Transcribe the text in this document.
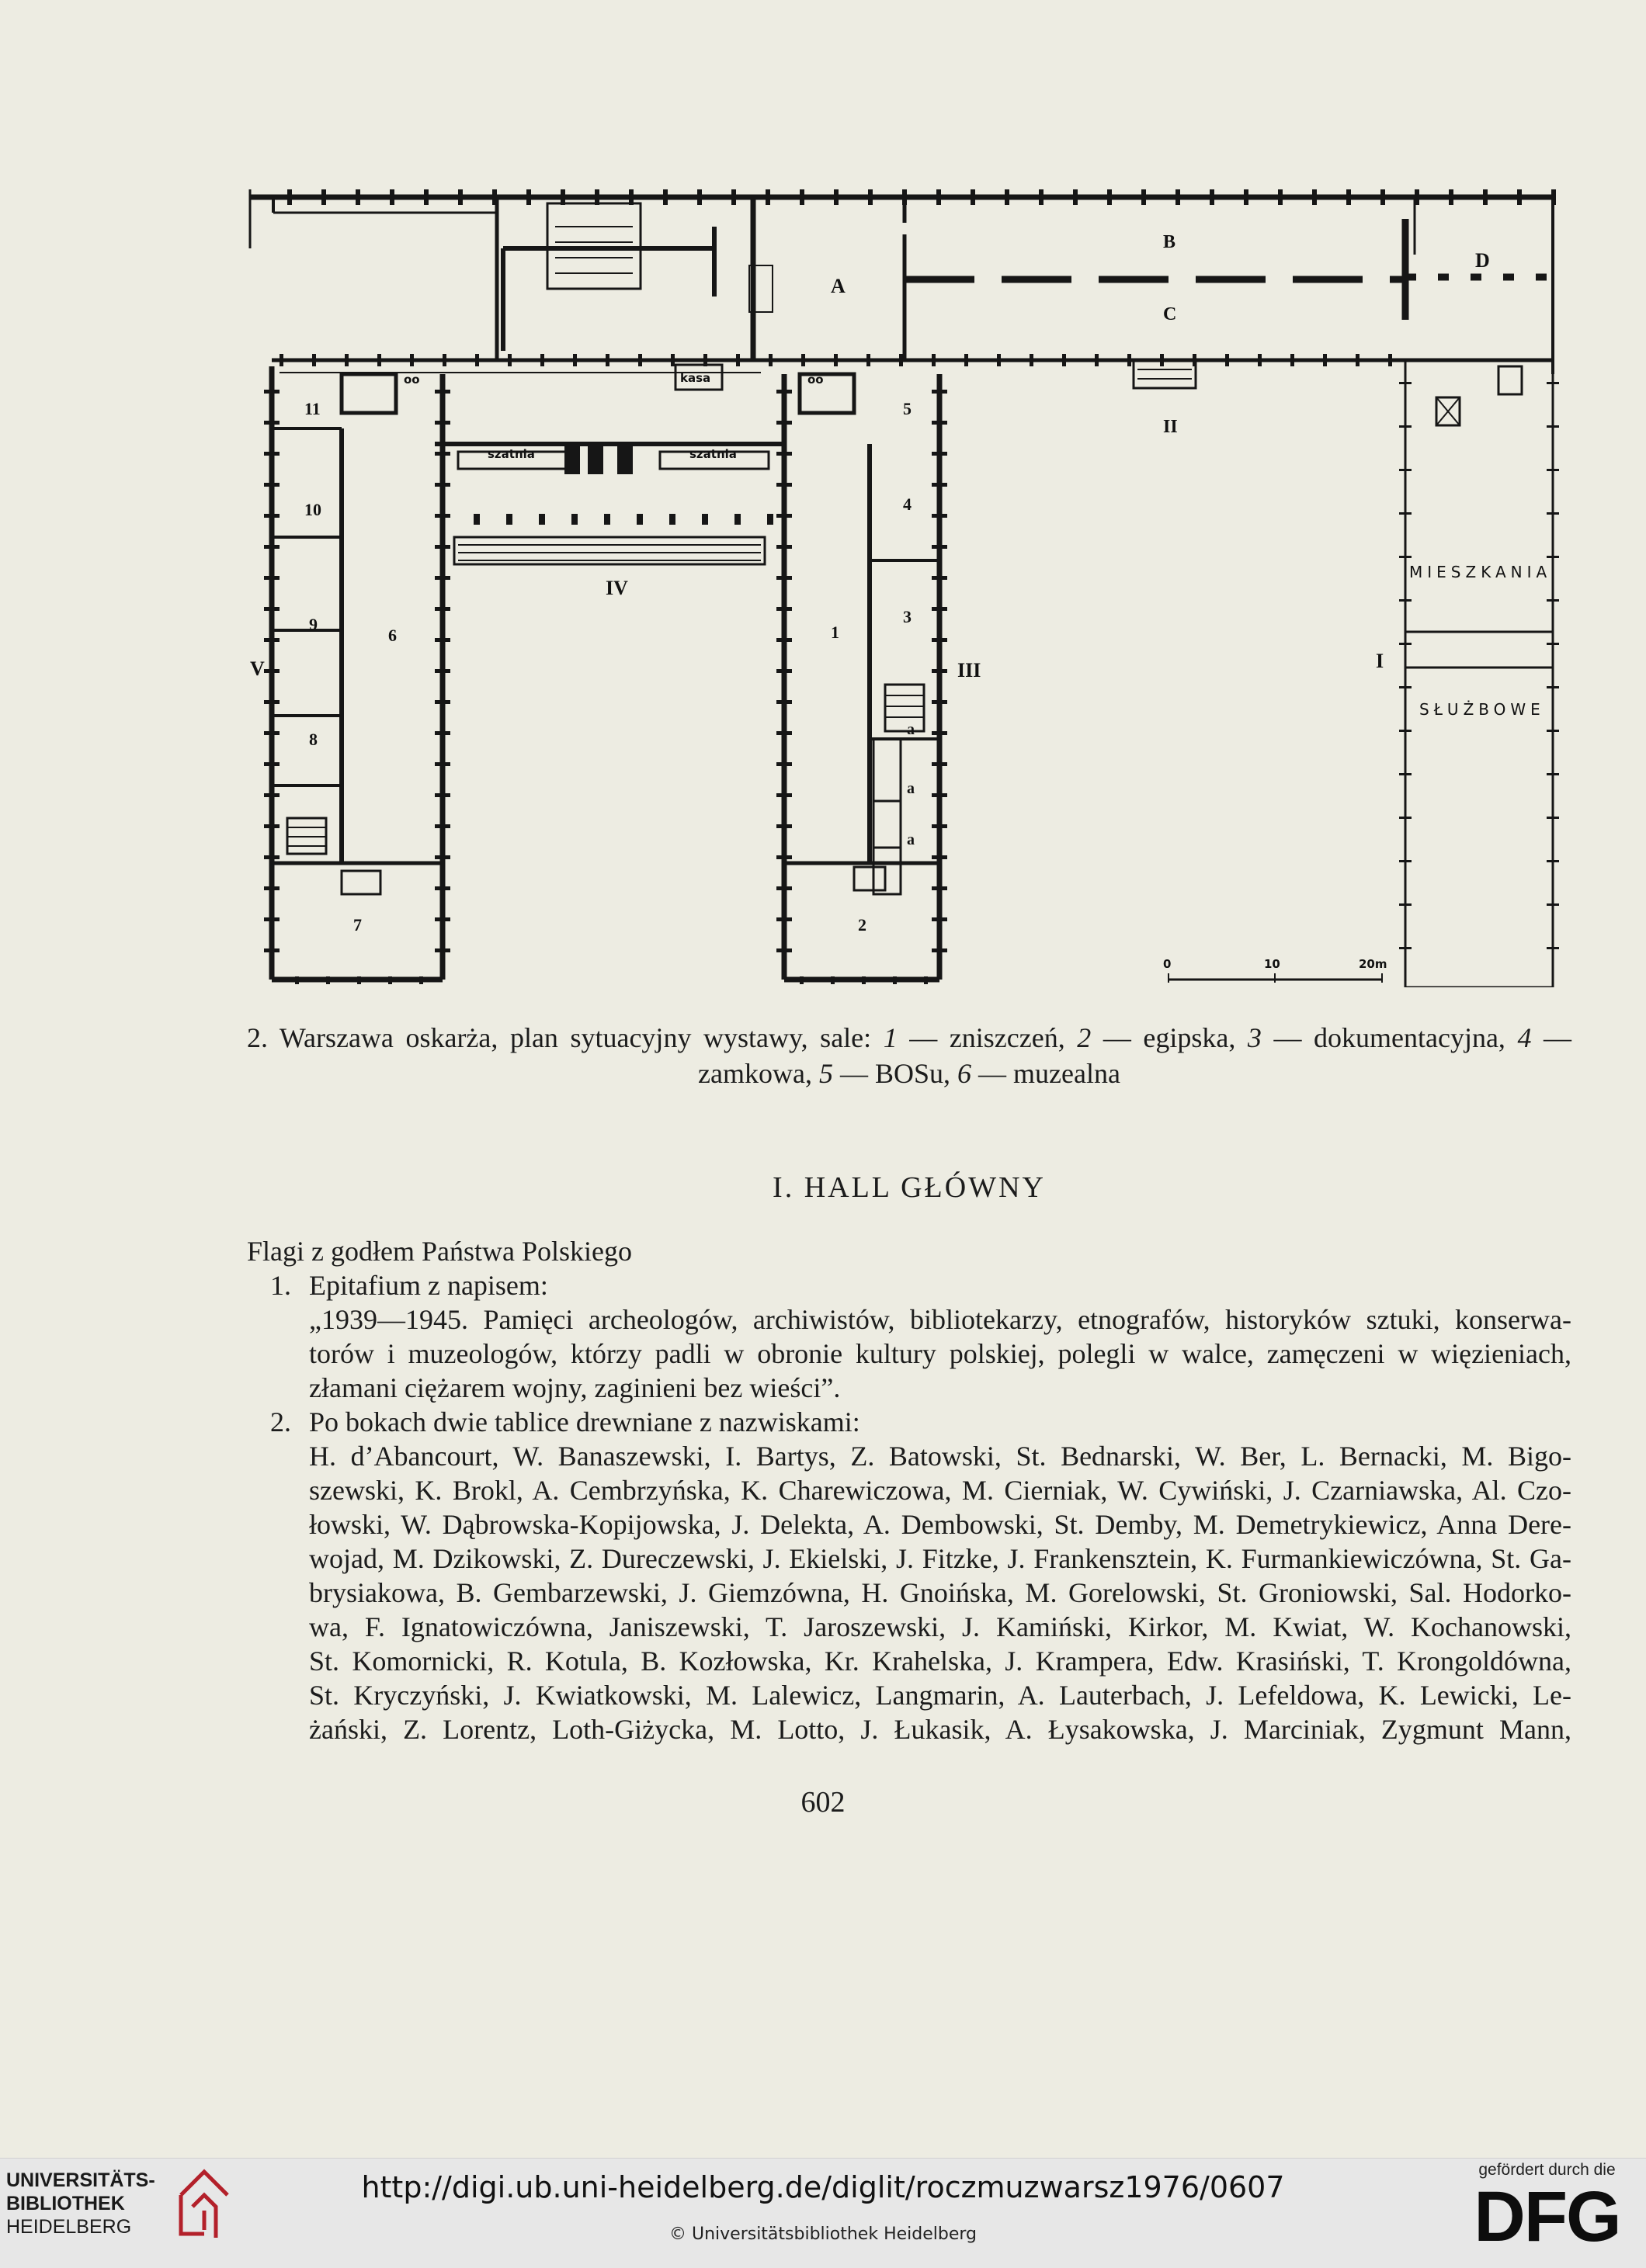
A
B
C
D
II
III
IV
V	I
1
2
3
4
5
6
7
8
9
10
11
a
a
a
kasa
szatnia	szatnia
oo	oo
MIESZKANIA
SŁUŻBOWE
0	10	20m
2. Warszawa oskarża, plan sytuacyjny wystawy, sale: 1 — zniszczeń, 2 — egipska, 3 — dokumentacyjna, 4 —
zamkowa, 5 — BOSu, 6 — muzealna
I. HALL GŁÓWNY

Flagi z godłem Państwa Polskiego

1. Epitafium z napisem:
„1939—1945. Pamięci archeologów, archiwistów, bibliotekarzy, etnografów, historyków sztuki, konserwa-
torów i muzeologów, którzy padli w obronie kultury polskiej, polegli w walce, zamęczeni w więzieniach,
złamani ciężarem wojny, zaginieni bez wieści”.
2. Po bokach dwie tablice drewniane z nazwiskami:
H. d’Abancourt, W. Banaszewski, I. Bartys, Z. Batowski, St. Bednarski, W. Ber, L. Bernacki, M. Bigo-
szewski, K. Brokl, A. Cembrzyńska, K. Charewiczowa, M. Cierniak, W. Cywiński, J. Czarniawska, Al. Czo-
łowski, W. Dąbrowska-Kopijowska, J. Delekta, A. Dembowski, St. Demby, M. Demetrykiewicz, Anna Dere-
wojad, M. Dzikowski, Z. Dureczewski, J. Ekielski, J. Fitzke, J. Frankensztein, K. Furmankiewiczówna, St. Ga-
brysiakowa, B. Gembarzewski, J. Giemzówna, H. Gnoińska, M. Gorelowski, St. Groniowski, Sal. Hodorko-
wa, F. Ignatowiczówna, Janiszewski, T. Jaroszewski, J. Kamiński, Kirkor, M. Kwiat, W. Kochanowski,
St. Komornicki, R. Kotula, B. Kozłowska, Kr. Krahelska, J. Krampera, Edw. Krasiński, T. Krongoldówna,
St. Kryczyński, J. Kwiatkowski, M. Lalewicz, Langmarin, A. Lauterbach, J. Lefeldowa, K. Lewicki, Le-
żański, Z. Lorentz, Loth-Giżycka, M. Lotto, J. Łukasik, A. Łysakowska, J. Marciniak, Zygmunt Mann,
602
UNIVERSITÄTS-
BIBLIOTHEK
HEIDELBERG
http://digi.ub.uni-heidelberg.de/diglit/roczmuzwarsz1976/0607
© Universitätsbibliothek Heidelberg
gefördert durch die
DFG
